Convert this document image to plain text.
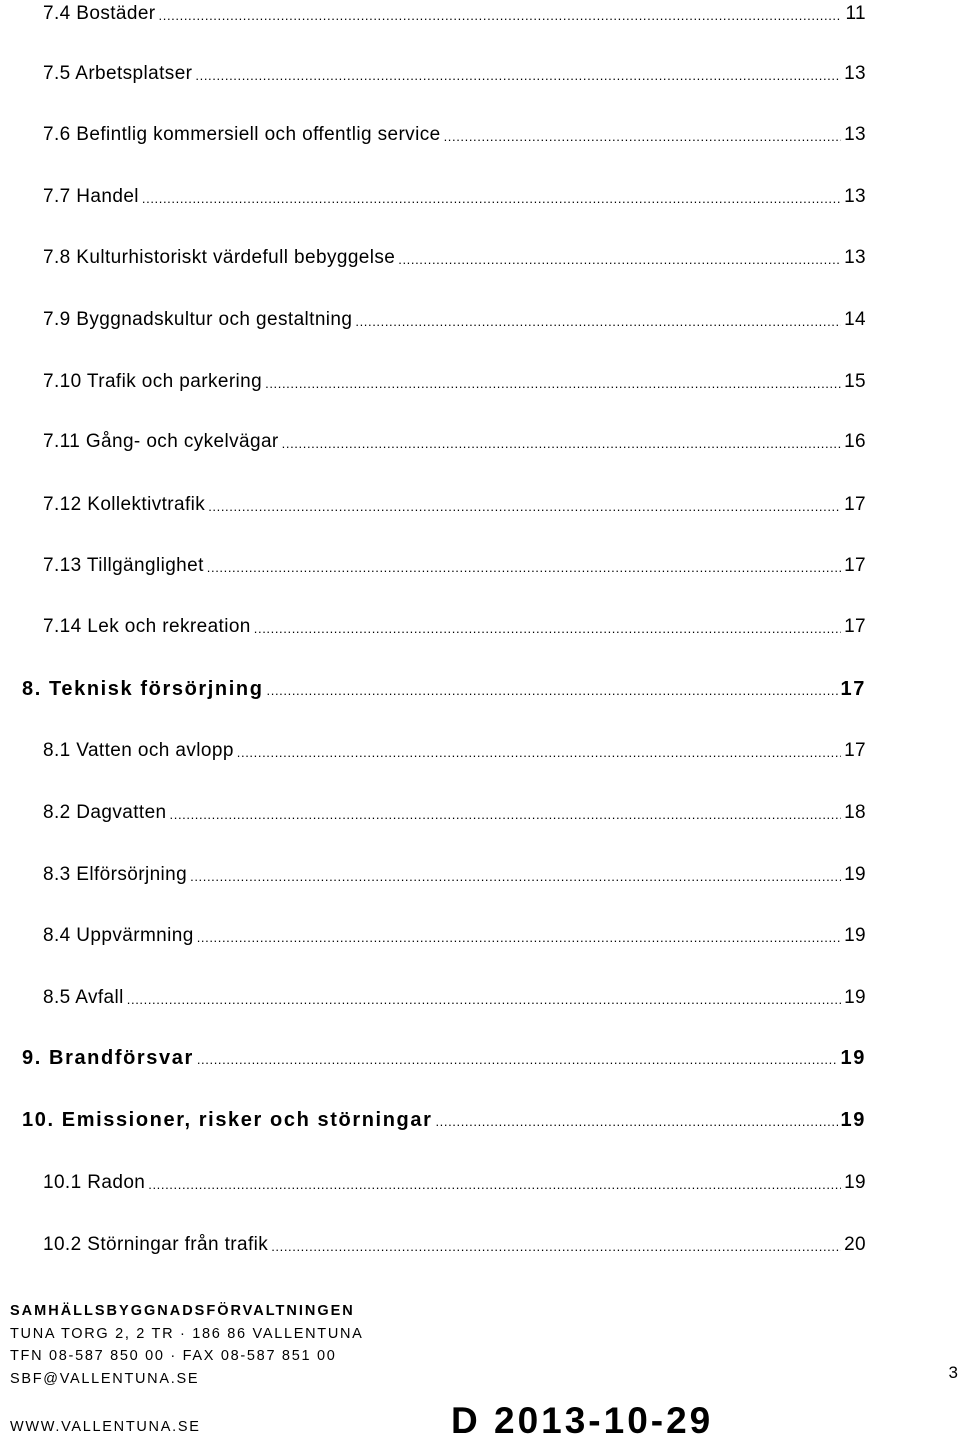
7.4 Bostäder .....	11
7.5 Arbetsplatser .....	13
7.6 Befintlig kommersiell och offentlig service .....	13
7.7 Handel .....	13
7.8 Kulturhistoriskt värdefull bebyggelse .....	13
7.9 Byggnadskultur och gestaltning .....	14
7.10 Trafik och parkering .....	15
7.11 Gång- och cykelvägar .....	16
7.12 Kollektivtrafik .....	17
7.13 Tillgänglighet .....	17
7.14 Lek och rekreation .....	17
8. Teknisk försörjning .....	17
8.1 Vatten och avlopp .....	17
8.2 Dagvatten .....	18
8.3 Elförsörjning .....	19
8.4 Uppvärmning .....	19
8.5 Avfall .....	19
9. Brandförsvar .....	19
10. Emissioner, risker och störningar .....	19
10.1 Radon .....	19
10.2 Störningar från trafik .....	20
SAMHÄLLSBYGGNADSFÖRVALTNINGEN
TUNA TORG 2, 2 TR · 186 86 VALLENTUNA
TFN 08-587 850 00 · FAX 08-587 851 00
SBF@VALLENTUNA.SE
WWW.VALLENTUNA.SE	D 2013-10-29
3
